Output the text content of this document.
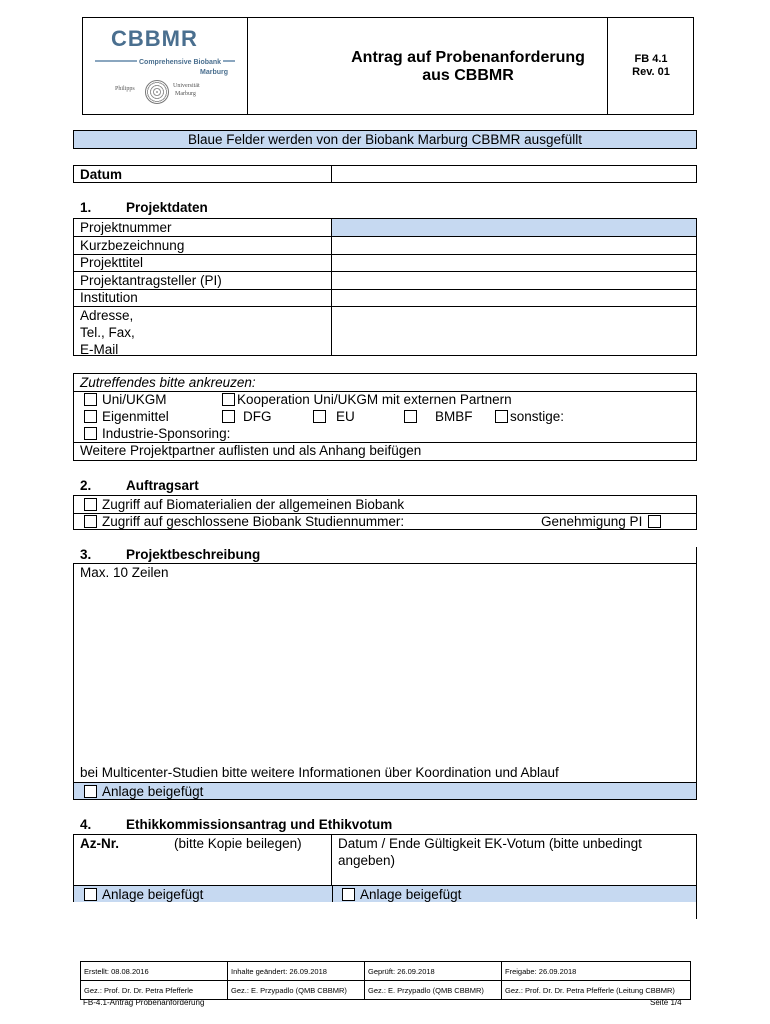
CBBMR
Comprehensive Biobank
Marburg
Philipps	Universität
Marburg
Antrag auf Probenanforderung
aus CBBMR
FB 4.1
Rev. 01
Blaue Felder werden von der Biobank Marburg CBBMR ausgefüllt
Datum
1.	Projektdaten
Projektnummer
Kurzbezeichnung
Projekttitel
Projektantragsteller (PI)
Institution
Adresse,
Tel., Fax,
E-Mail
Zutreffendes bitte ankreuzen:
Uni/UKGM	Kooperation Uni/UKGM mit externen Partnern
Eigenmittel	DFG	EU	BMBF	sonstige:
Industrie-Sponsoring:
Weitere Projektpartner auflisten und als Anhang beifügen
2.	Auftragsart
Zugriff auf Biomaterialien der allgemeinen Biobank
Zugriff auf geschlossene Biobank Studiennummer:	Genehmigung PI
3.	Projektbeschreibung
Max. 10 Zeilen
bei Multicenter-Studien bitte weitere Informationen über Koordination und Ablauf
Anlage beigefügt
4.	Ethikkommissionsantrag und Ethikvotum
Az-Nr.	(bitte Kopie beilegen)	Datum / Ende Gültigkeit EK-Votum (bitte unbedingt
angeben)
Anlage beigefügt	Anlage beigefügt
Erstellt: 08.08.2016	Inhalte geändert: 26.09.2018	Geprüft: 26.09.2018	Freigabe: 26.09.2018
Gez.: Prof. Dr. Dr. Petra Pfefferle	Gez.: E. Przypadlo (QMB CBBMR)	Gez.: E. Przypadlo (QMB CBBMR)	Gez.: Prof. Dr. Dr. Petra Pfefferle (Leitung CBBMR)
FB-4.1-Antrag Probenanforderung	Seite 1/4
